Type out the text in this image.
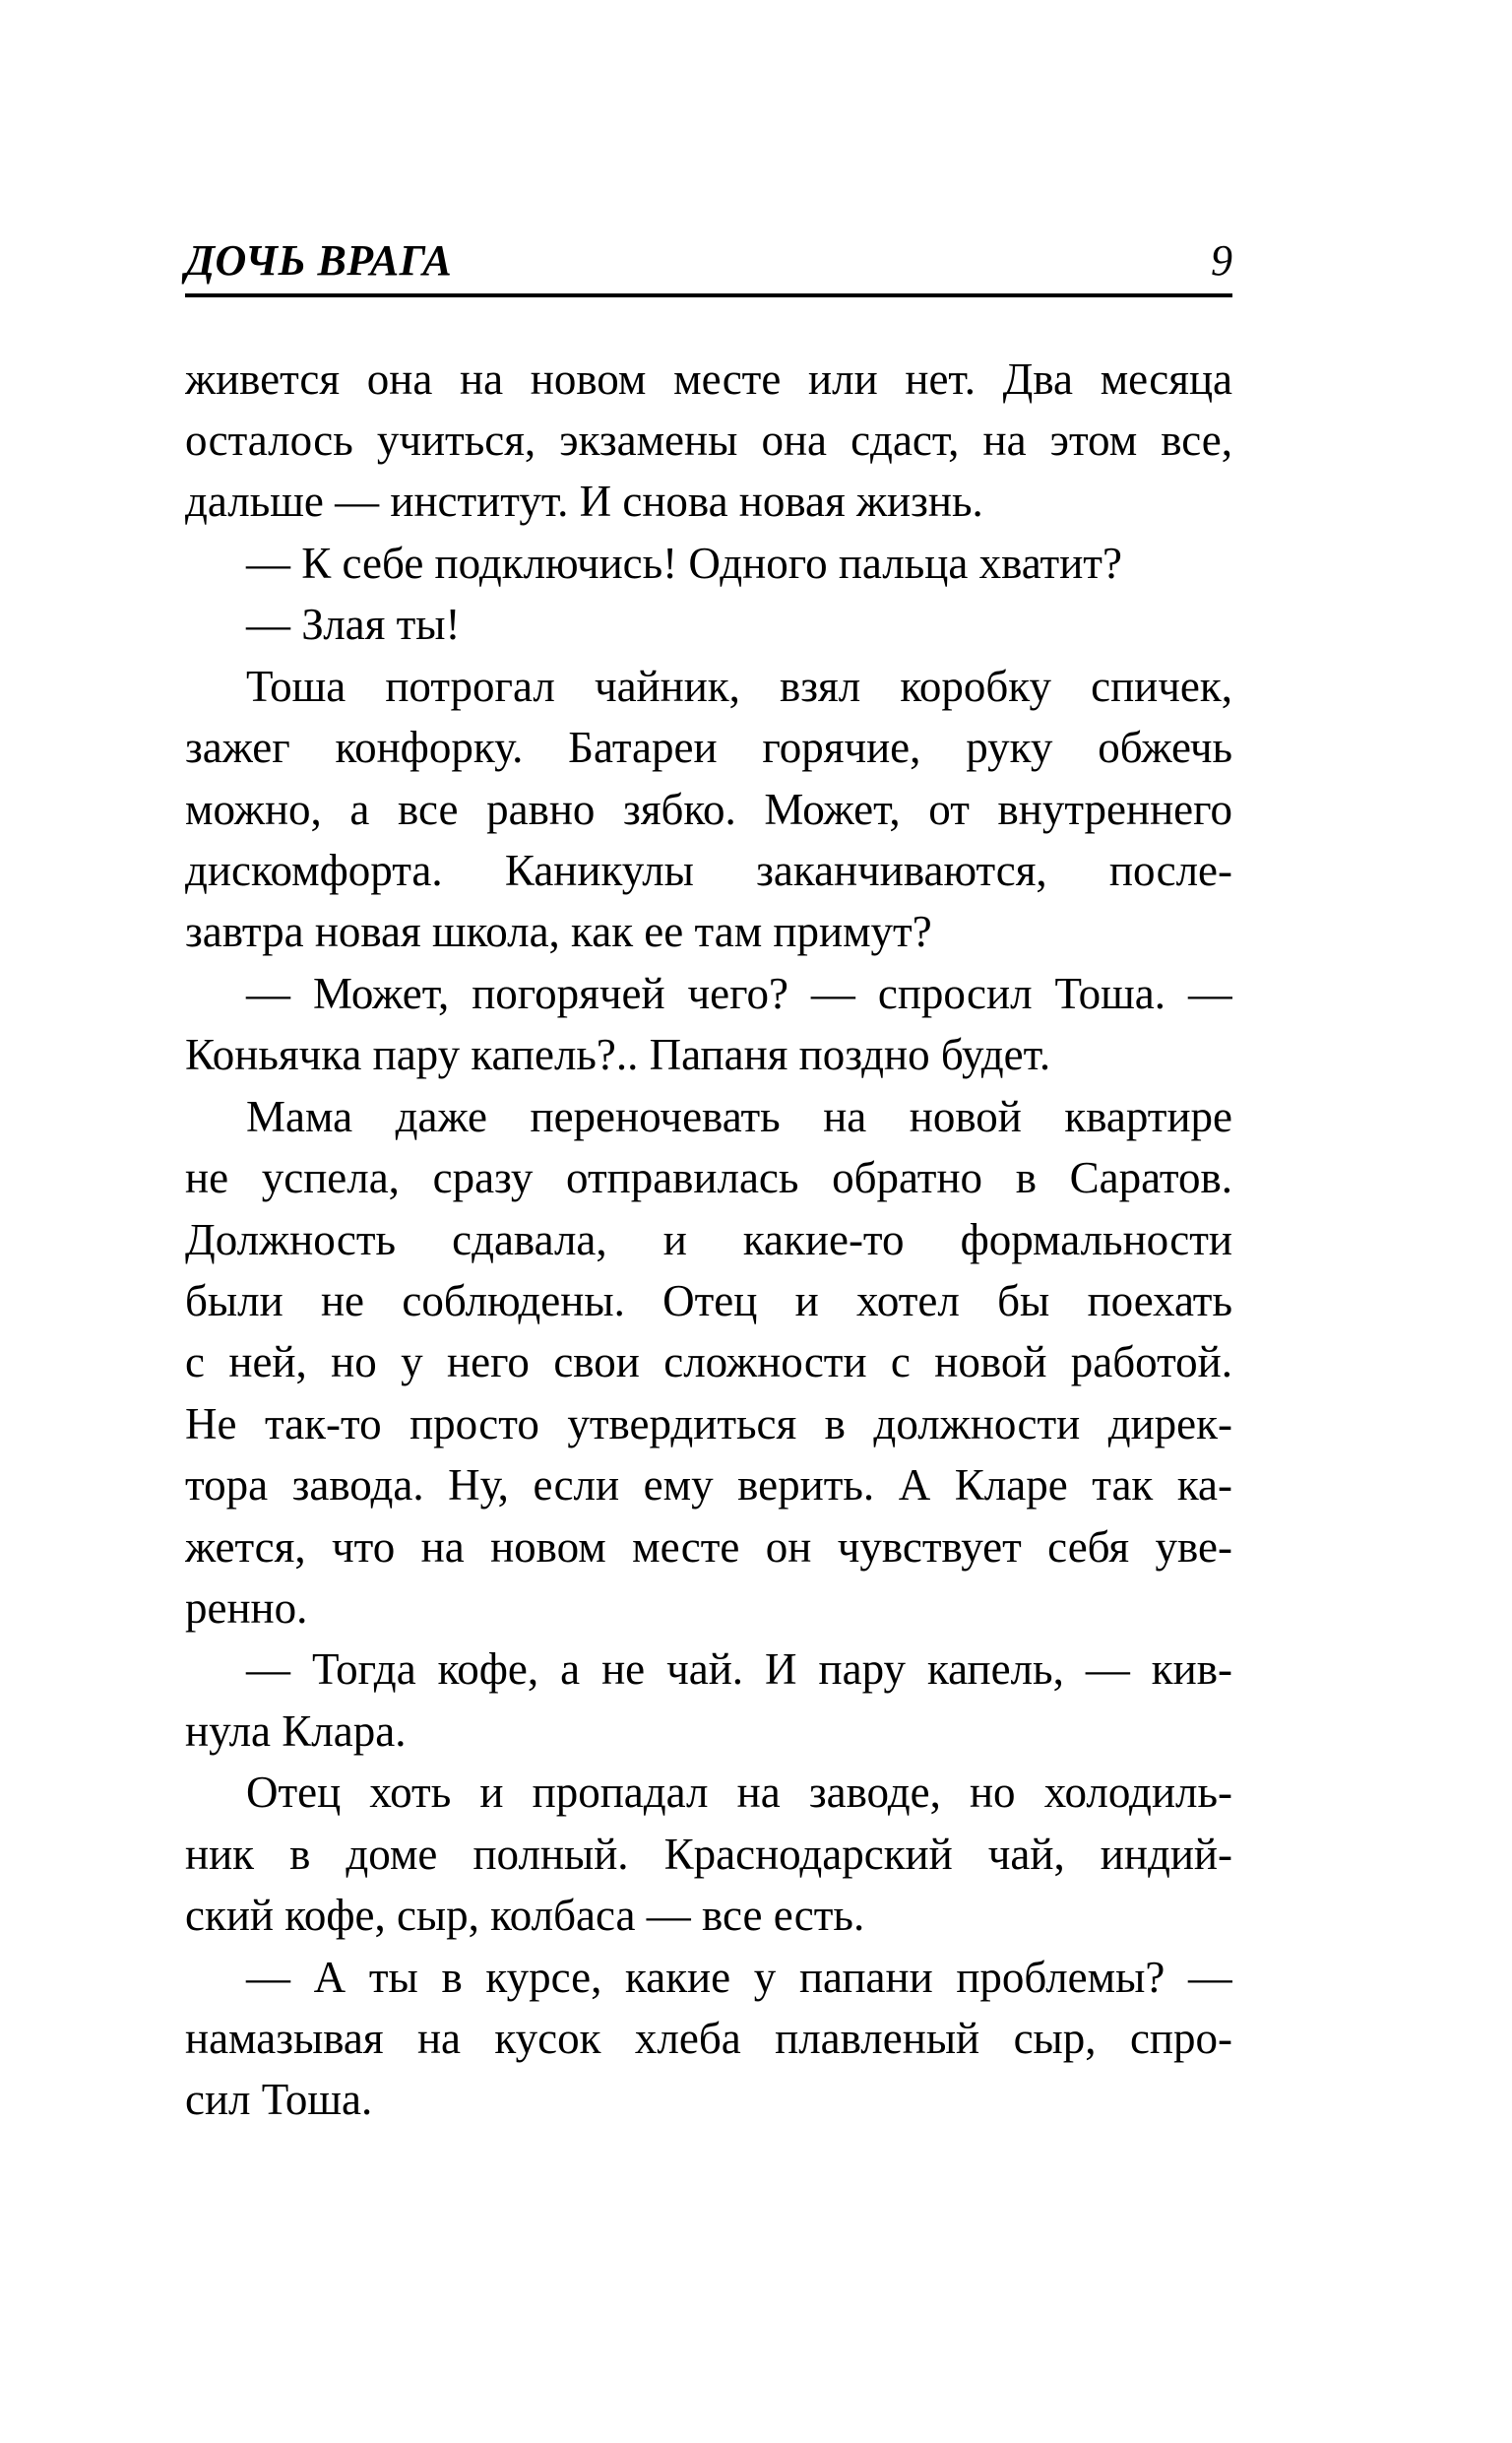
ДОЧЬ ВРАГА	9
живется она на новом месте или нет. Два месяца
осталось учиться, экзамены она сдаст, на этом все,
дальше — институт. И снова новая жизнь.
— К себе подключись! Одного пальца хватит?
— Злая ты!
Тоша потрогал чайник, взял коробку спичек,
зажег конфорку. Батареи горячие, руку обжечь
можно, а все равно зябко. Может, от внутреннего
дискомфорта. Каникулы заканчиваются, после-
завтра новая школа, как ее там примут?
— Может, погорячей чего? — спросил Тоша. —
Коньячка пару капель?.. Папаня поздно будет.
Мама даже переночевать на новой квартире
не успела, сразу отправилась обратно в Саратов.
Должность сдавала, и какие-то формальности
были не соблюдены. Отец и хотел бы поехать
с ней, но у него свои сложности с новой работой.
Не так-то просто утвердиться в должности дирек-
тора завода. Ну, если ему верить. А Кларе так ка-
жется, что на новом месте он чувствует себя уве-
ренно.
— Тогда кофе, а не чай. И пару капель, — кив-
нула Клара.
Отец хоть и пропадал на заводе, но холодиль-
ник в доме полный. Краснодарский чай, индий-
ский кофе, сыр, колбаса — все есть.
— А ты в курсе, какие у папани проблемы? —
намазывая на кусок хлеба плавленый сыр, спро-
сил Тоша.
